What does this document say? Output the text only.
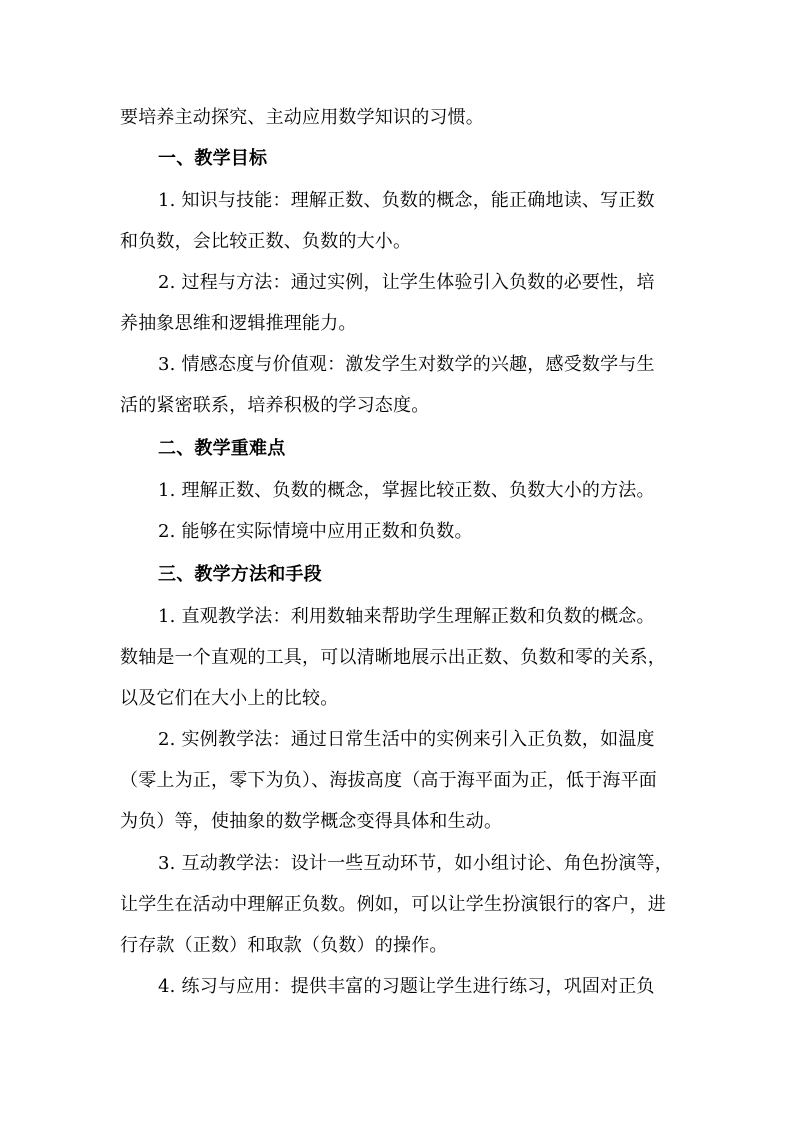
要培养主动探究、主动应用数学知识的习惯。
一、教学目标
1. 知识与技能：理解正数、负数的概念，能正确地读、写正数
和负数，会比较正数、负数的大小。
2. 过程与方法：通过实例，让学生体验引入负数的必要性，培
养抽象思维和逻辑推理能力。
3. 情感态度与价值观：激发学生对数学的兴趣，感受数学与生
活的紧密联系，培养积极的学习态度。
二、教学重难点
1. 理解正数、负数的概念，掌握比较正数、负数大小的方法。
2. 能够在实际情境中应用正数和负数。
三、教学方法和手段
1. 直观教学法：利用数轴来帮助学生理解正数和负数的概念。
数轴是一个直观的工具，可以清晰地展示出正数、负数和零的关系，
以及它们在大小上的比较。
2. 实例教学法：通过日常生活中的实例来引入正负数，如温度
（零上为正，零下为负）、海拔高度（高于海平面为正，低于海平面
为负）等，使抽象的数学概念变得具体和生动。
3. 互动教学法：设计一些互动环节，如小组讨论、角色扮演等，
让学生在活动中理解正负数。例如，可以让学生扮演银行的客户，进
行存款（正数）和取款（负数）的操作。
4. 练习与应用：提供丰富的习题让学生进行练习，巩固对正负
